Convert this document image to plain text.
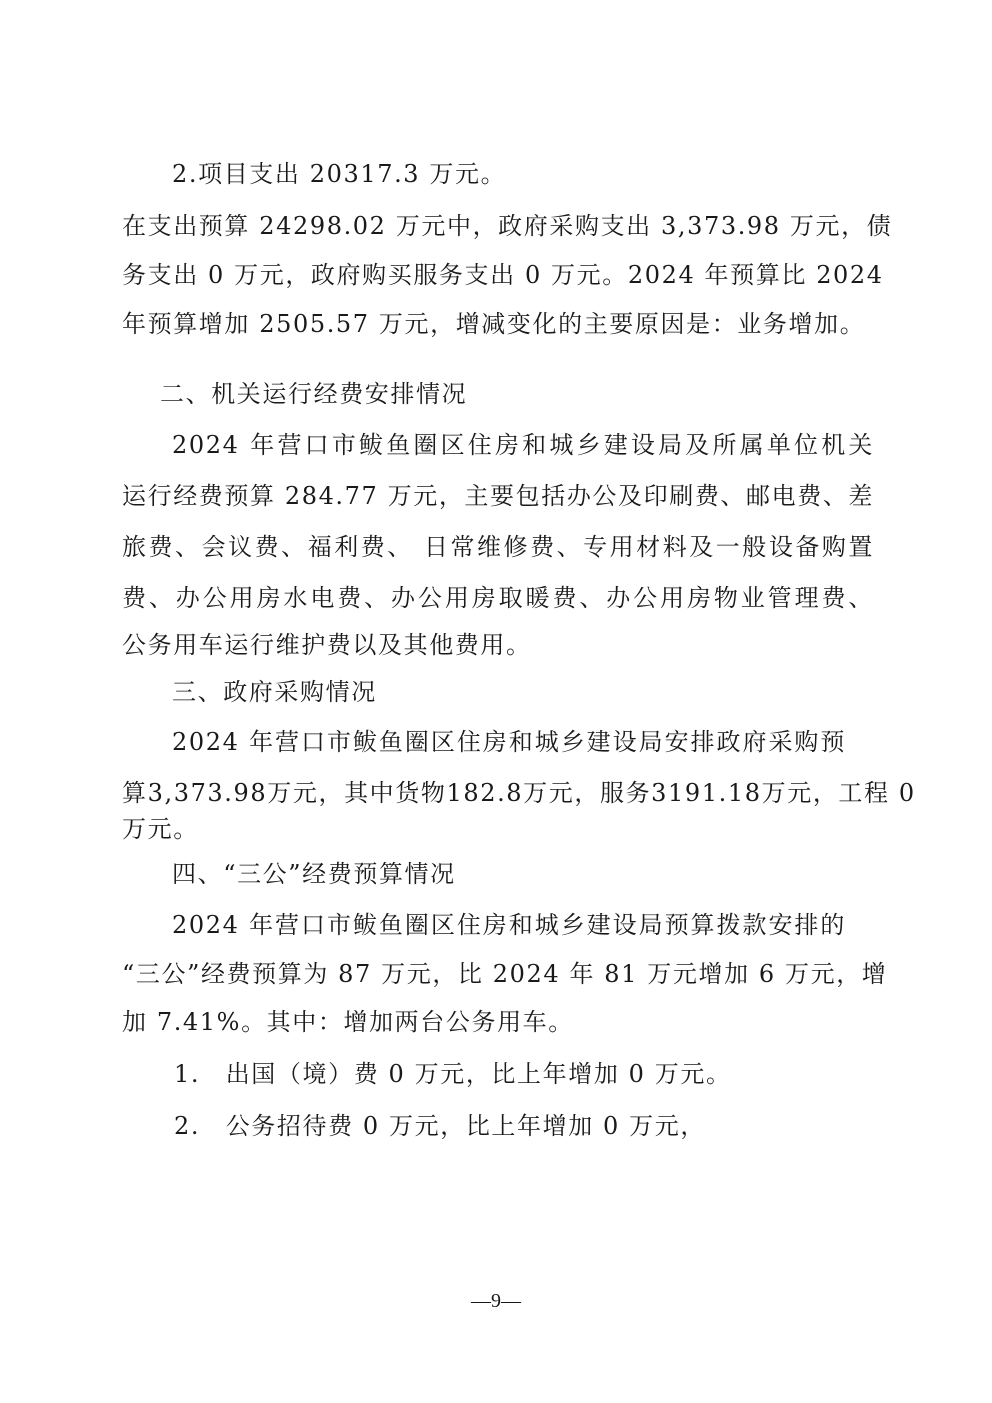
2.项目支出 20317.3 万元。
在支出预算 24298.02 万元中，政府采购支出 3,373.98 万元，债
务支出 0 万元，政府购买服务支出 0 万元。2024 年预算比 2024
年预算增加 2505.57 万元，增减变化的主要原因是：业务增加。
二、机关运行经费安排情况
2024 年营口市鲅鱼圈区住房和城乡建设局及所属单位机关
运行经费预算 284.77 万元，主要包括办公及印刷费、邮电费、差
旅费、会议费、福利费、 日常维修费、专用材料及一般设备购置
费、办公用房水电费、办公用房取暖费、办公用房物业管理费、
公务用车运行维护费以及其他费用。
三、政府采购情况
2024 年营口市鲅鱼圈区住房和城乡建设局安排政府采购预
算3,373.98万元，其中货物182.8万元，服务3191.18万元，工程 0
万元。
四、“三公”经费预算情况
2024 年营口市鲅鱼圈区住房和城乡建设局预算拨款安排的
“三公”经费预算为 87 万元，比 2024 年 81 万元增加 6 万元，增
加 7.41%。其中：增加两台公务用车。
1.　出国（境）费 0 万元，比上年增加 0 万元。
2.　公务招待费 0 万元，比上年增加 0 万元，
—9—
